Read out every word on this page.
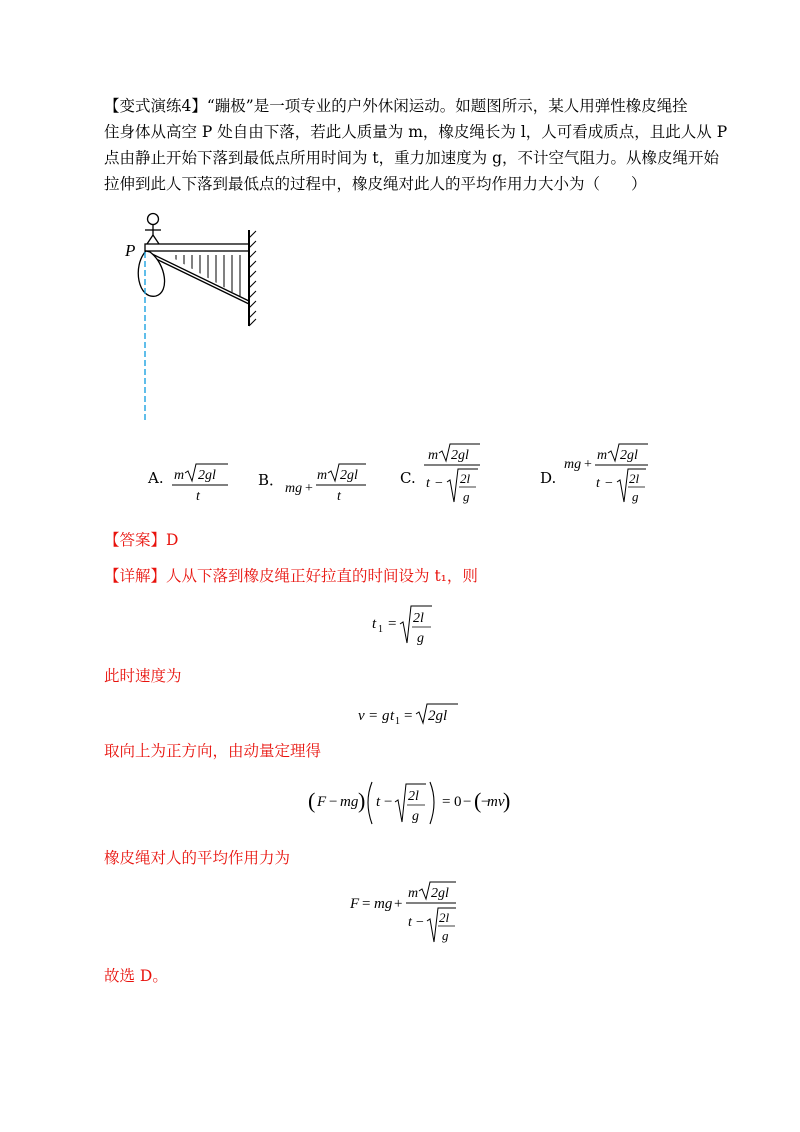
【变式演练4】“蹦极”是一项专业的户外休闲运动。如题图所示，某人用弹性橡皮绳拴
住身体从高空 P 处自由下落，若此人质量为 m，橡皮绳长为 l，人可看成质点，且此人从 P
点由静止开始下落到最低点所用时间为 t，重力加速度为 g，不计空气阻力。从橡皮绳开始
拉伸到此人下落到最低点的过程中，橡皮绳对此人的平均作用力大小为（　　）
P
A. m 2gl
t
B． mg +
m 2gl
t
C.
m 2gl
t − 2l
g
D.
mg +
m 2gl
t − 2l
g
【答案】D
【详解】人从下落到橡皮绳正好拉直的时间设为 t₁，则
t 1 = 2l
g
此时速度为
v = g t 1 = 2gl
取向上为正方向，由动量定理得
( F − mg ) t − 2l
g
= 0 − ( −
mv
)
橡皮绳对人的平均作用力为
F = mg +
m 2gl
t − 2l
g
故选 D。
